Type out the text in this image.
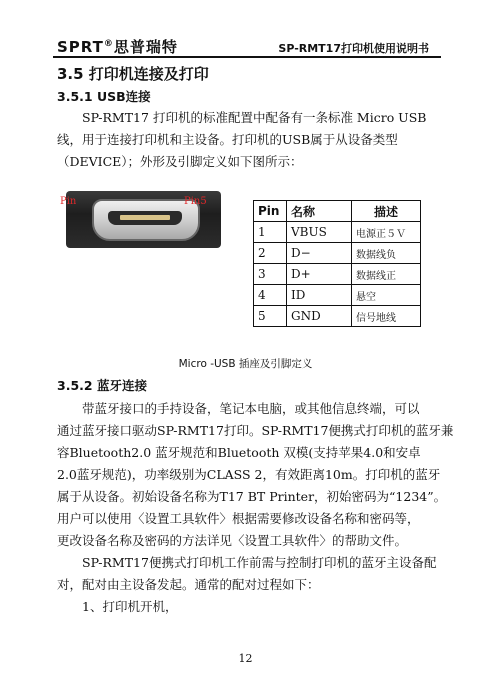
SPRT®思普瑞特	SP-RMT17打印机使用说明书
3.5 打印机连接及打印
3.5.1 USB连接
SP-RMT17 打印机的标准配置中配备有一条标准 Micro USB
线，用于连接打印机和主设备。打印机的USB属于从设备类型
（DEVICE）；外形及引脚定义如下图所示：
Pin	Pin5
Pin	名称	描述
1	VBUS	电源正５Ｖ
2	D−	数据线负
3	D+	数据线正
4	ID	悬空
5	GND	信号地线
Micro -USB 插座及引脚定义
3.5.2 蓝牙连接
带蓝牙接口的手持设备，笔记本电脑，或其他信息终端，可以
通过蓝牙接口驱动SP-RMT17打印。SP-RMT17便携式打印机的蓝牙兼
容Bluetooth2.0 蓝牙规范和Bluetooth 双模(支持苹果4.0和安卓
2.0蓝牙规范)，功率级别为CLASS 2，有效距离10m。打印机的蓝牙
属于从设备。初始设备名称为T17 BT Printer，初始密码为“1234”。
用户可以使用〈设置工具软件〉根据需要修改设备名称和密码等，
更改设备名称及密码的方法详见〈设置工具软件〉的帮助文件。
SP-RMT17便携式打印机工作前需与控制打印机的蓝牙主设备配
对，配对由主设备发起。通常的配对过程如下：
1、打印机开机，
12
